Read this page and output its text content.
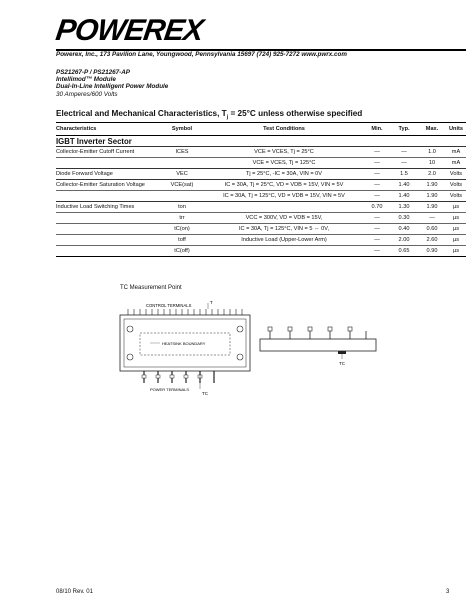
POWEREX
Powerex, Inc., 173 Pavilion Lane, Youngwood, Pennsylvania 15697 (724) 925-7272 www.pwrx.com
PS21267-P / PS21267-AP
Intellimod™ Module
Dual-In-Line Intelligent Power Module
30 Amperes/600 Volts
Electrical and Mechanical Characteristics, $T_j = 25^\circ C$ unless otherwise specified
Characteristics	Symbol	Test Conditions	Min.	Typ.	Max.	Units
IGBT Inverter Sector						
Collector-Emitter Cutoff Current	ICES	VCE = VCES, Tj = 25°C	—	—	1.0	mA
		VCE = VCES, Tj = 125°C	—	—	10	mA
Diode Forward Voltage	VEC	Tj = 25°C, -IC = 30A, VIN = 0V	—	1.5	2.0	Volts
Collector-Emitter Saturation Voltage	VCE(sat)	IC = 30A, Tj = 25°C, VD = VDB = 15V, VIN = 5V	—	1.40	1.90	Volts
		IC = 30A, Tj = 125°C, VD = VDB = 15V, VIN = 5V	—	1.40	1.90	Volts
Inductive Load Switching Times	ton		0.70	1.30	1.90	µs
	trr	VCC = 300V, VD = VDB = 15V,	—	0.30	—	µs
	tC(on)	IC = 30A, Tj = 125°C, VIN = 5 ⇔ 0V,	—	0.40	0.60	µs
	toff	Inductive Load (Upper-Lower Arm)	—	2.00	2.60	µs
	tC(off)		—	0.65	0.90	µs
TC Measurement Point
CONTROL TERMINALS
T
HEATSINK BOUNDARY
POWER TERMINALS
TC
TC
08/10 Rev. 01	3
